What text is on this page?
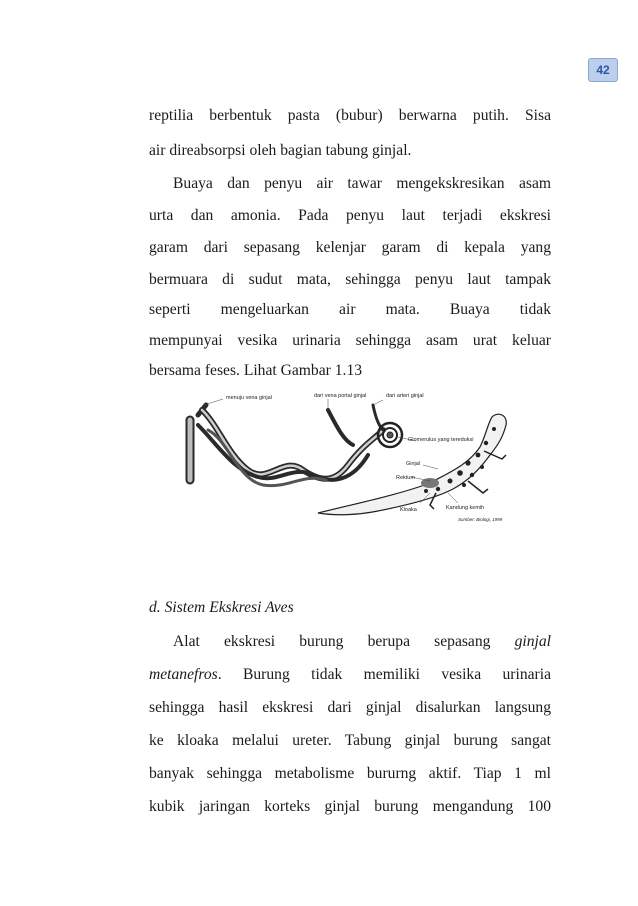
42
reptilia berbentuk pasta (bubur) berwarna putih. Sisa
air direabsorpsi oleh bagian tabung ginjal.
Buaya dan penyu air tawar mengekskresikan asam
urta dan amonia. Pada penyu laut terjadi ekskresi
garam dari sepasang kelenjar garam di kepala yang
bermuara di sudut mata, sehingga penyu laut tampak
seperti mengeluarkan air mata. Buaya tidak
mempunyai vesika urinaria sehingga asam urat keluar
bersama feses. Lihat Gambar 1.13
menuju vena ginjal	dari vena portal ginjal	dari arteri ginjal
Glomerulus yang tereduksi
Ginjal
Rektum
Kloaka	Kandung kemih
Sumber: Biologi, 1999
d. Sistem Ekskresi Aves
Alat ekskresi burung berupa sepasang ginjal
metanefros. Burung tidak memiliki vesika urinaria
sehingga hasil ekskresi dari ginjal disalurkan langsung
ke kloaka melalui ureter. Tabung ginjal burung sangat
banyak sehingga metabolisme bururng aktif. Tiap 1 ml
kubik jaringan korteks ginjal burung mengandung 100
